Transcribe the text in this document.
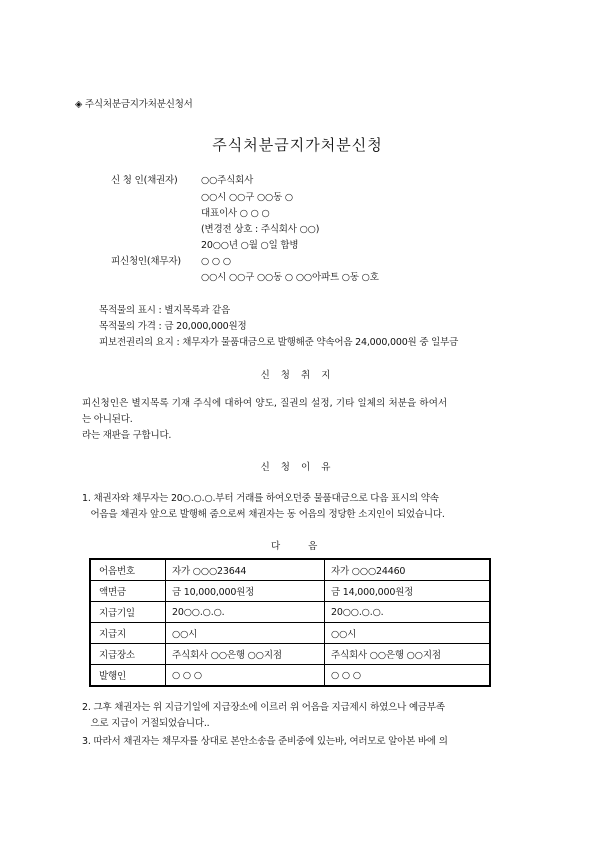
◈ 주식처분금지가처분신청서
주식처분금지가처분신청
신 청 인(채권자) ○○주식회사
○○시 ○○구 ○○동 ○
대표이사 ○ ○ ○
(변경전 상호 : 주식회사 ○○)
20○○년 ○월 ○일 합병
피신청인(채무자) ○ ○ ○
○○시 ○○구 ○○동 ○ ○○아파트 ○동 ○호
목적물의 표시 : 별지목록과 같음
목적물의 가격 : 금 20,000,000원정
피보전권리의 요지 : 채무자가 물품대금으로 발행해준 약속어음 24,000,000원 중 일부금
신 청 취 지
피신청인은 별지목록 기재 주식에 대하여 양도, 질권의 설정, 기타 일체의 처분을 하여서
는 아니된다.
라는 재판을 구합니다.
신 청 이 유
1. 채권자와 채무자는 20○.○.○.부터 거래를 하여오던중 물품대금으로 다음 표시의 약속
어음을 채권자 앞으로 발행해 줌으로써 채권자는 동 어음의 정당한 소지인이 되었습니다.
다          음
어음번호	자가 ○○○23644	자가 ○○○24460
액면금	금 10,000,000원정	금 14,000,000원정
지급기일	20○○.○.○.	20○○.○.○.
지급지	○○시	○○시
지급장소	주식회사 ○○은행 ○○지점	주식회사 ○○은행 ○○지점
발행인	○ ○ ○	○ ○ ○
2. 그후 채권자는 위 지급기일에 지급장소에 이르러 위 어음을 지급제시 하였으나 예금부족
으로 지급이 거절되었습니다..
3. 따라서 채권자는 채무자를 상대로 본안소송을 준비중에 있는바, 여러모로 알아본 바에 의
